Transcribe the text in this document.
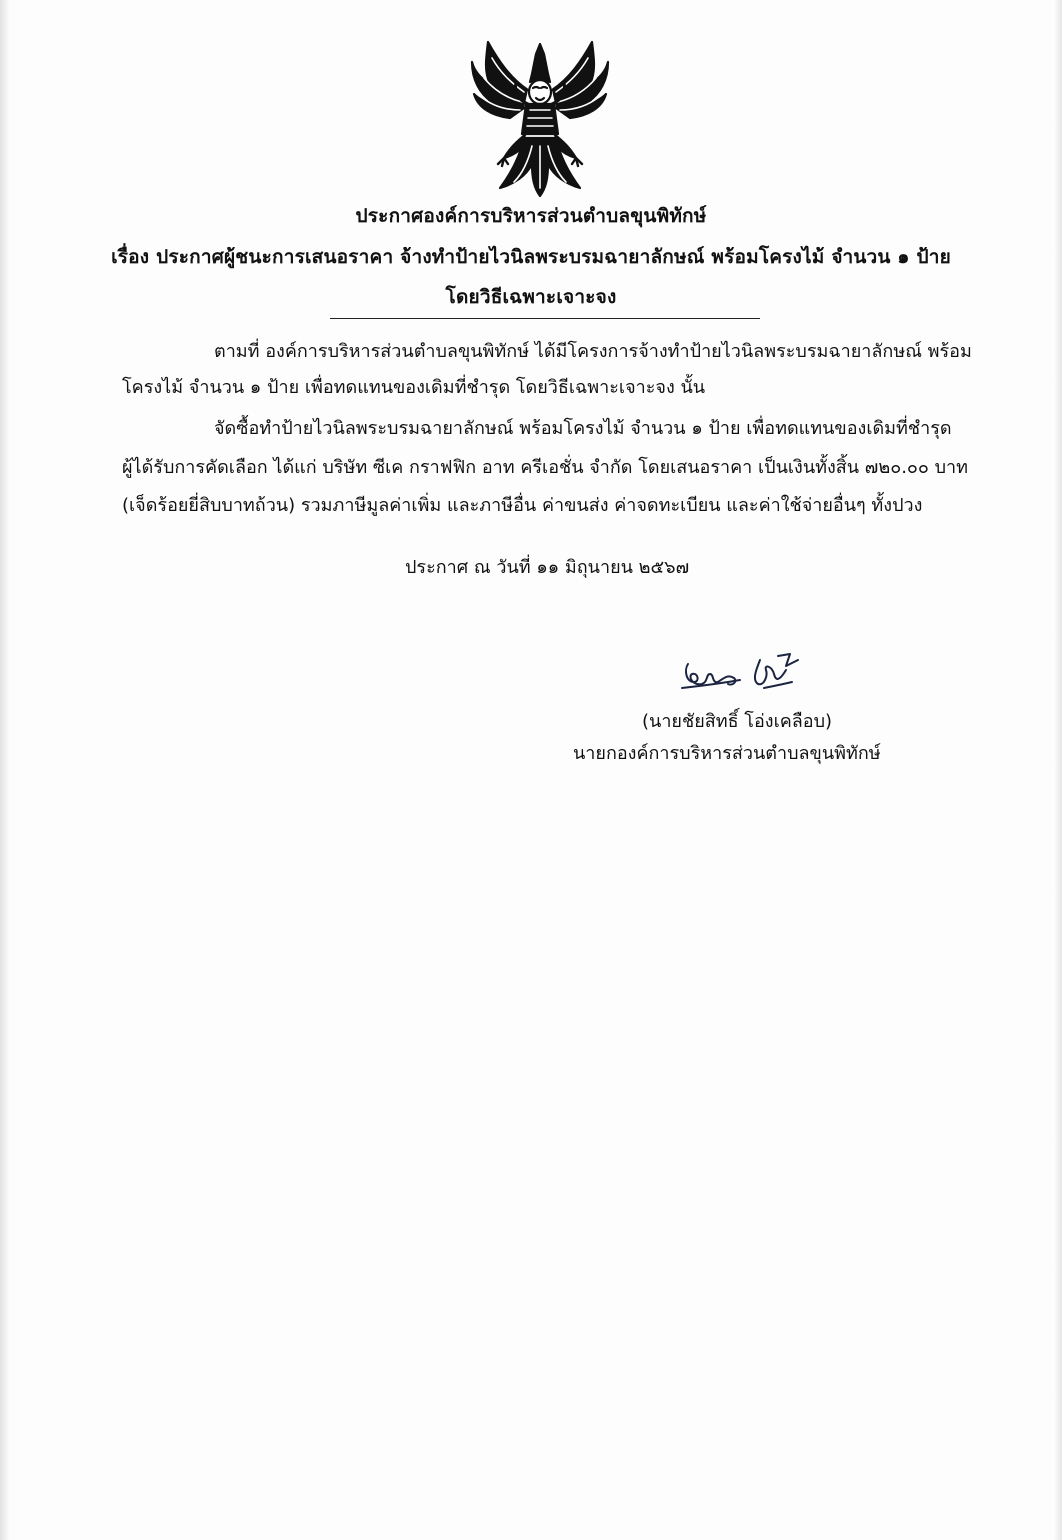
ประกาศองค์การบริหารส่วนตำบลขุนพิทักษ์
เรื่อง ประกาศผู้ชนะการเสนอราคา จ้างทำป้ายไวนิลพระบรมฉายาลักษณ์ พร้อมโครงไม้ จำนวน ๑ ป้าย
โดยวิธีเฉพาะเจาะจง
ตามที่ องค์การบริหารส่วนตำบลขุนพิทักษ์ ได้มีโครงการจ้างทำป้ายไวนิลพระบรมฉายาลักษณ์ พร้อม
โครงไม้ จำนวน ๑ ป้าย เพื่อทดแทนของเดิมที่ชำรุด โดยวิธีเฉพาะเจาะจง นั้น
จัดซื้อทำป้ายไวนิลพระบรมฉายาลักษณ์ พร้อมโครงไม้ จำนวน ๑ ป้าย เพื่อทดแทนของเดิมที่ชำรุด
ผู้ได้รับการคัดเลือก ได้แก่ บริษัท ซีเค กราฟฟิก อาท ครีเอชั่น จำกัด โดยเสนอราคา เป็นเงินทั้งสิ้น ๗๒๐.๐๐ บาท
(เจ็ดร้อยยี่สิบบาทถ้วน) รวมภาษีมูลค่าเพิ่ม และภาษีอื่น ค่าขนส่ง ค่าจดทะเบียน และค่าใช้จ่ายอื่นๆ ทั้งปวง
ประกาศ ณ วันที่ ๑๑ มิถุนายน ๒๕๖๗
(นายชัยสิทธิ์ โอ่งเคลือบ)
นายกองค์การบริหารส่วนตำบลขุนพิทักษ์
